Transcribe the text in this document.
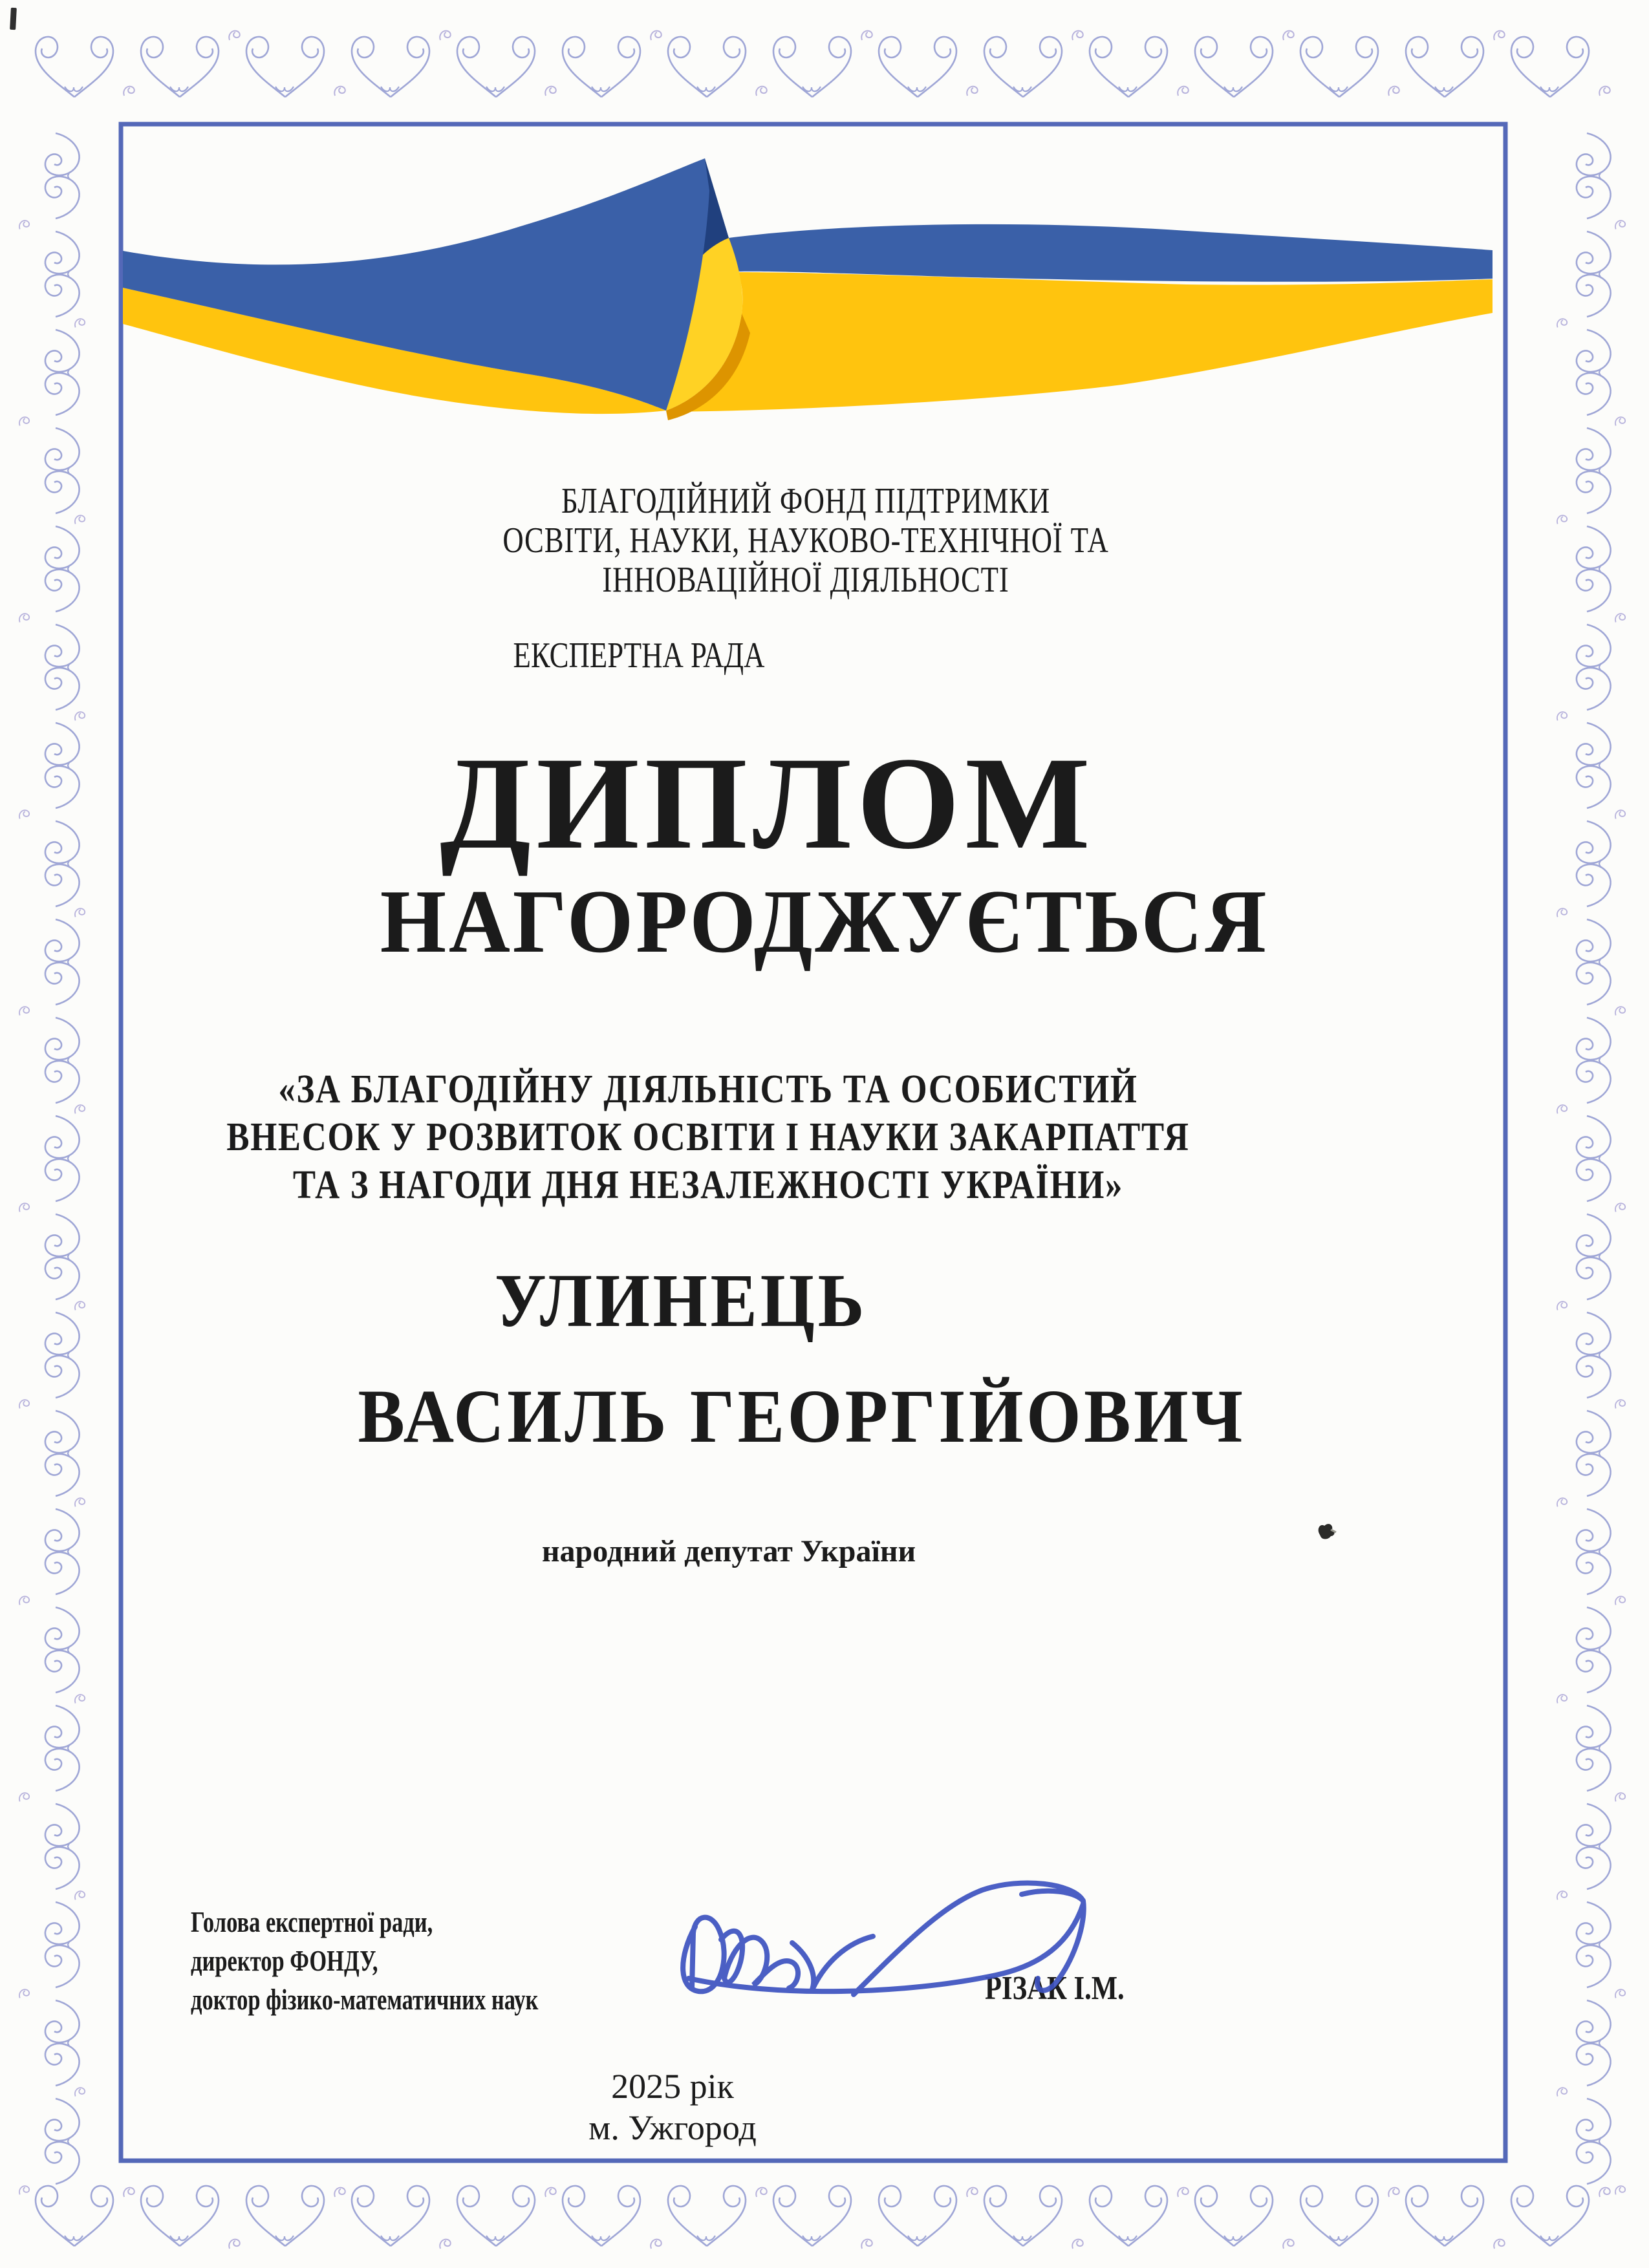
БЛАГОДІЙНИЙ ФОНД ПІДТРИМКИ
ОСВІТИ, НАУКИ, НАУКОВО-ТЕХНІЧНОЇ ТА
ІННОВАЦІЙНОЇ ДІЯЛЬНОСТІ
ЕКСПЕРТНА РАДА
ДИПЛОМ
НАГОРОДЖУЄТЬСЯ
«ЗА БЛАГОДІЙНУ ДІЯЛЬНІСТЬ ТА ОСОБИСТИЙ
ВНЕСОК У РОЗВИТОК ОСВІТИ І НАУКИ ЗАКАРПАТТЯ
ТА З НАГОДИ ДНЯ НЕЗАЛЕЖНОСТІ УКРАЇНИ»
УЛИНЕЦЬ
ВАСИЛЬ ГЕОРГІЙОВИЧ
народний депутат України
Голова експертної ради,
директор ФОНДУ,
доктор фізико-математичних наук	РІЗАК І.М.
2025 рік
м. Ужгород
